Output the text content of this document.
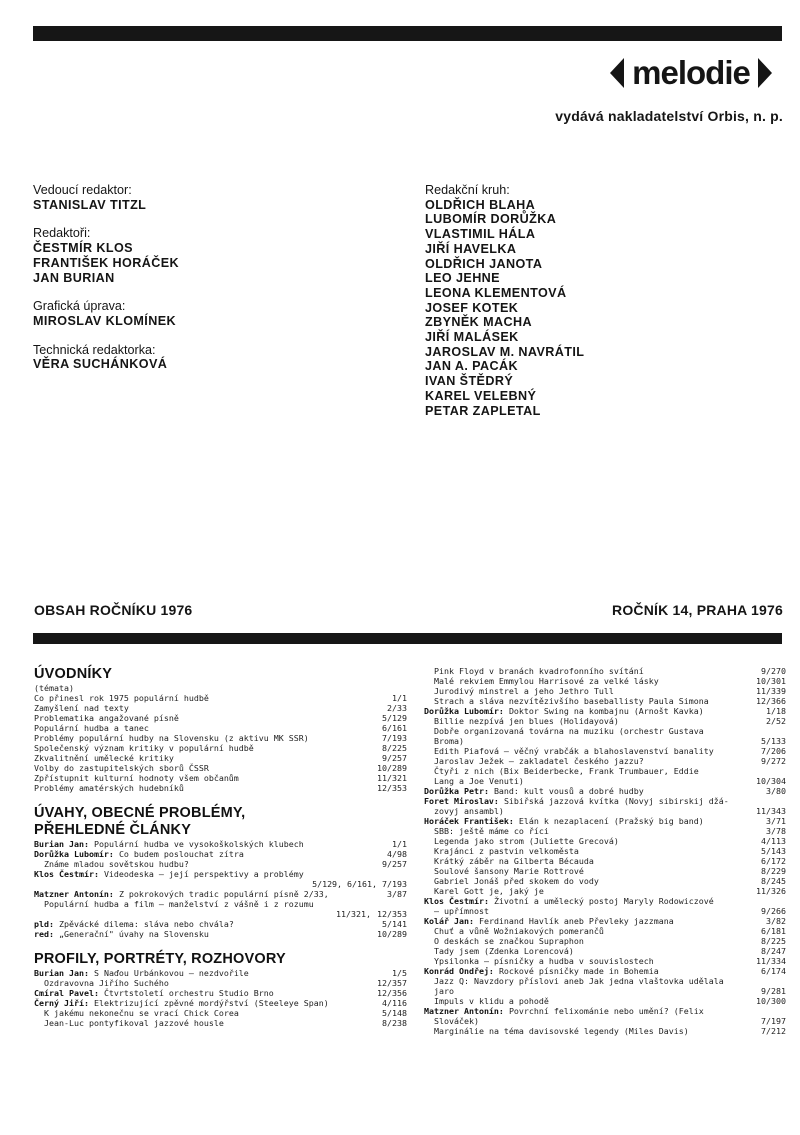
melodie
vydává nakladatelství Orbis, n. p.
Vedoucí redaktor:
STANISLAV TITZL
Redaktoři:
ČESTMÍR KLOS
FRANTIŠEK HORÁČEK
JAN BURIAN
Grafická úprava:
MIROSLAV KLOMÍNEK
Technická redaktorka:
VĚRA SUCHÁNKOVÁ
Redakční kruh:
OLDŘICH BLAHA
LUBOMÍR DORŮŽKA
VLASTIMIL HÁLA
JIŘÍ HAVELKA
OLDŘICH JANOTA
LEO JEHNE
LEONA KLEMENTOVÁ
JOSEF KOTEK
ZBYNĚK MACHA
JIŘÍ MALÁSEK
JAROSLAV M. NAVRÁTIL
JAN A. PACÁK
IVAN ŠTĚDRÝ
KAREL VELEBNÝ
PETAR ZAPLETAL
OBSAH ROČNÍKU 1976	ROČNÍK 14, PRAHA 1976
ÚVODNÍKY
(témata)
Co přinesl rok 1975 populární hudbě	1/1
Zamyšlení nad texty	2/33
Problematika angažované písně	5/129
Populární hudba a tanec	6/161
Problémy populární hudby na Slovensku (z aktivu MK SSR)	7/193
Společenský význam kritiky v populární hudbě	8/225
Zkvalitnění umělecké kritiky	9/257
Volby do zastupitelských sborů ČSSR	10/289
Zpřístupnit kulturní hodnoty všem občanům	11/321
Problémy amatérských hudebníků	12/353
ÚVAHY, OBECNÉ PROBLÉMY,
PŘEHLEDNÉ ČLÁNKY
Burian Jan: Populární hudba ve vysokoškolských klubech	1/1
Dorůžka Lubomír: Co budem poslouchat zítra	4/98
Známe mladou sovětskou hudbu?	9/257
Klos Čestmír: Videodeska — její perspektivy a problémy
5/129, 6/161, 7/193
Matzner Antonín: Z pokrokových tradic populární písně 2/33,	3/87
Populární hudba a film — manželství z vášně i z rozumu
11/321, 12/353
pld: Zpěvácké dilema: sláva nebo chvála?	5/141
red: „Generační" úvahy na Slovensku	10/289
PROFILY, PORTRÉTY, ROZHOVORY
Burian Jan: S Naďou Urbánkovou — nezdvořile	1/5
Ozdravovna Jiřího Suchého	12/357
Cmíral Pavel: Čtvrtstoletí orchestru Studio Brno	12/356
Černý Jiří: Elektrizující zpěvné mordýřství (Steeleye Span)	4/116
K jakému nekonečnu se vrací Chick Corea	5/148
Jean-Luc pontyfikoval jazzové housle	8/238
Pink Floyd v branách kvadrofonního svítání	9/270
Malé rekviem Emmylou Harrisové za velké lásky	10/301
Jurodivý minstrel a jeho Jethro Tull	11/339
Strach a sláva nezvítězivšího baseballisty Paula Simona	12/366
Dorůžka Lubomír: Doktor Swing na kombajnu (Arnošt Kavka)	1/18
Billie nezpívá jen blues (Holidayová)	2/52
Dobře organizovaná továrna na muziku (orchestr Gustava
Broma)	5/133
Edith Piafová — věčný vrabčák a blahoslavenství banality	7/206
Jaroslav Ježek — zakladatel českého jazzu?	9/272
Čtyři z nich (Bix Beiderbecke, Frank Trumbauer, Eddie
Lang a Joe Venuti)	10/304
Dorůžka Petr: Band: kult vousů a dobré hudby	3/80
Foret Miroslav: Sibiřská jazzová kvítka (Novyj sibirskij džá-
zovyj ansambl)	11/343
Horáček František: Elán k nezaplacení (Pražský big band)	3/71
SBB: ještě máme co říci	3/78
Legenda jako strom (Juliette Grecová)	4/113
Krajánci z pastvin velkoměsta	5/143
Krátký záběr na Gilberta Bécauda	6/172
Soulové šansony Marie Rottrové	8/229
Gabriel Jonáš před skokem do vody	8/245
Karel Gott je, jaký je	11/326
Klos Čestmír: Životní a umělecký postoj Maryly Rodowiczové
— upřímnost	9/266
Kolář Jan: Ferdinand Havlík aneb Převleky jazzmana	3/82
Chuť a vůně Wožniakových pomerančů	6/181
O deskách se značkou Supraphon	8/225
Tady jsem (Zdenka Lorencová)	8/247
Ypsilonka — písničky a hudba v souvislostech	11/334
Konrád Ondřej: Rockové písničky made in Bohemia	6/174
Jazz Q: Navzdory příslovi aneb Jak jedna vlaštovka udělala
jaro	9/281
Impuls v klidu a pohodě	10/300
Matzner Antonín: Povrchní felixománie nebo umění? (Felix
Slováček)	7/197
Marginálie na téma davisovské legendy (Miles Davis)	7/212
